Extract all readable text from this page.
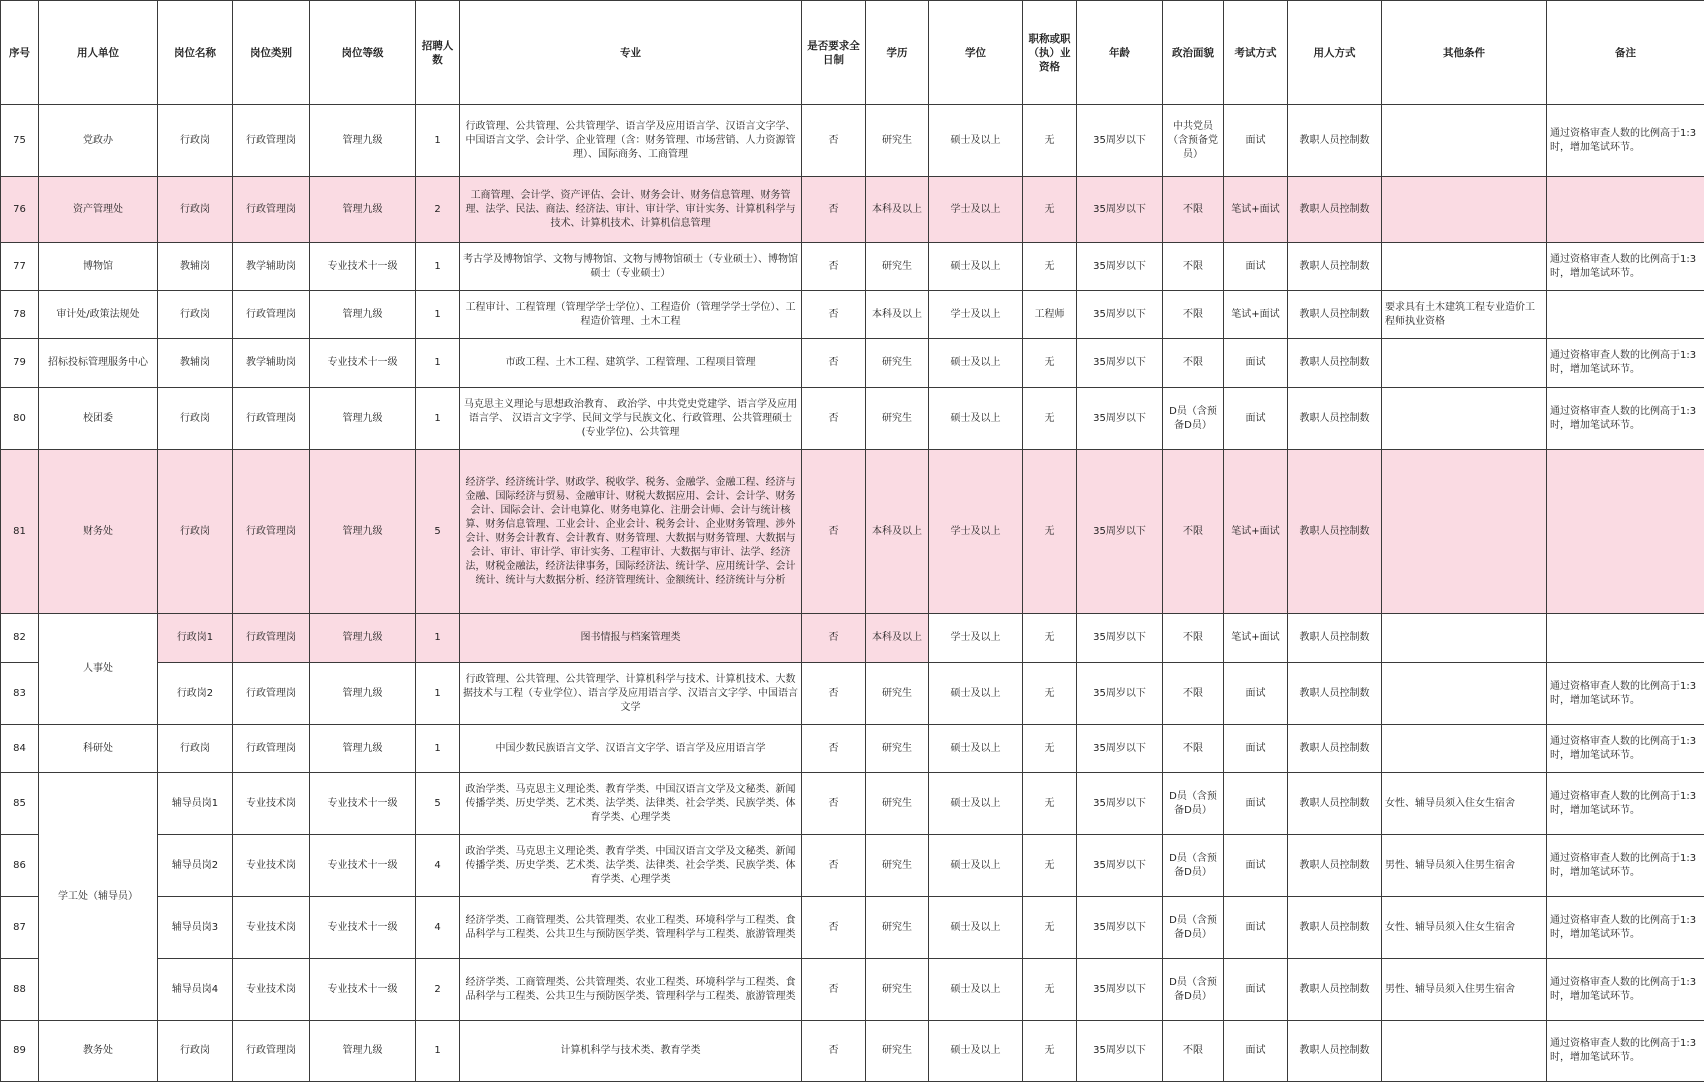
序号	用人单位	岗位名称	岗位类别	岗位等级	招聘人数	专业	是否要求全日制	学历	学位	职称或职（执）业资格	年龄	政治面貌	考试方式	用人方式	其他条件	备注
75	党政办	行政岗	行政管理岗	管理九级	1	行政管理、公共管理、公共管理学、语言学及应用语言学、汉语言文字学、中国语言文学、会计学、企业管理（含：财务管理、市场营销、人力资源管理）、国际商务、工商管理	否	研究生	硕士及以上	无	35周岁以下	中共党员（含预备党员）	面试	教职人员控制数		通过资格审查人数的比例高于1:3时，增加笔试环节。
76	资产管理处	行政岗	行政管理岗	管理九级	2	工商管理、会计学、资产评估、会计、财务会计、财务信息管理、财务管理、法学、民法、商法、经济法、审计、审计学、审计实务、计算机科学与技术、计算机技术、计算机信息管理	否	本科及以上	学士及以上	无	35周岁以下	不限	笔试+面试	教职人员控制数		
77	博物馆	教辅岗	教学辅助岗	专业技术十一级	1	考古学及博物馆学、文物与博物馆、文物与博物馆硕士（专业硕士）、博物馆硕士（专业硕士）	否	研究生	硕士及以上	无	35周岁以下	不限	面试	教职人员控制数		通过资格审查人数的比例高于1:3时，增加笔试环节。
78	审计处/政策法规处	行政岗	行政管理岗	管理九级	1	工程审计、工程管理（管理学学士学位）、工程造价（管理学学士学位）、工程造价管理、土木工程	否	本科及以上	学士及以上	工程师	35周岁以下	不限	笔试+面试	教职人员控制数	要求具有土木建筑工程专业造价工程师执业资格	
79	招标投标管理服务中心	教辅岗	教学辅助岗	专业技术十一级	1	市政工程、土木工程、建筑学、工程管理、工程项目管理	否	研究生	硕士及以上	无	35周岁以下	不限	面试	教职人员控制数		通过资格审查人数的比例高于1:3时，增加笔试环节。
80	校团委	行政岗	行政管理岗	管理九级	1	马克思主义理论与思想政治教育、 政治学、中共党史党建学、语言学及应用语言学、 汉语言文字学、民间文学与民族文化、行政管理、公共管理硕士(专业学位)、公共管理	否	研究生	硕士及以上	无	35周岁以下	D员（含预备D员）	面试	教职人员控制数		通过资格审查人数的比例高于1:3时，增加笔试环节。
81	财务处	行政岗	行政管理岗	管理九级	5	经济学、经济统计学、财政学、税收学、税务、金融学、金融工程、经济与金融、国际经济与贸易、金融审计、财税大数据应用、会计、会计学、财务会计、国际会计、会计电算化、财务电算化、注册会计师、会计与统计核算、财务信息管理、工业会计、企业会计、税务会计、企业财务管理、涉外会计、财务会计教育、会计教育、财务管理、大数据与财务管理、大数据与会计、审计、审计学、审计实务、工程审计、大数据与审计、法学、经济法，财税金融法，经济法律事务，国际经济法、统计学、应用统计学、会计统计、统计与大数据分析、经济管理统计、金额统计、经济统计与分析	否	本科及以上	学士及以上	无	35周岁以下	不限	笔试+面试	教职人员控制数		
82	人事处	行政岗1	行政管理岗	管理九级	1	图书情报与档案管理类	否	本科及以上	学士及以上	无	35周岁以下	不限	笔试+面试	教职人员控制数		
83		行政岗2	行政管理岗	管理九级	1	行政管理、公共管理、公共管理学、计算机科学与技术、计算机技术、大数据技术与工程（专业学位）、语言学及应用语言学、汉语言文字学、中国语言文学	否	研究生	硕士及以上	无	35周岁以下	不限	面试	教职人员控制数		通过资格审查人数的比例高于1:3时，增加笔试环节。
84	科研处	行政岗	行政管理岗	管理九级	1	中国少数民族语言文学、汉语言文字学、语言学及应用语言学	否	研究生	硕士及以上	无	35周岁以下	不限	面试	教职人员控制数		通过资格审查人数的比例高于1:3时，增加笔试环节。
85	学工处（辅导员）	辅导员岗1	专业技术岗	专业技术十一级	5	政治学类、马克思主义理论类、教育学类、中国汉语言文学及文秘类、新闻传播学类、历史学类、艺术类、法学类、法律类、社会学类、民族学类、体育学类、心理学类	否	研究生	硕士及以上	无	35周岁以下	D员（含预备D员）	面试	教职人员控制数	女性、辅导员须入住女生宿舍	通过资格审查人数的比例高于1:3时，增加笔试环节。
86		辅导员岗2	专业技术岗	专业技术十一级	4	政治学类、马克思主义理论类、教育学类、中国汉语言文学及文秘类、新闻传播学类、历史学类、艺术类、法学类、法律类、社会学类、民族学类、体育学类、心理学类	否	研究生	硕士及以上	无	35周岁以下	D员（含预备D员）	面试	教职人员控制数	男性、辅导员须入住男生宿舍	通过资格审查人数的比例高于1:3时，增加笔试环节。
87		辅导员岗3	专业技术岗	专业技术十一级	4	经济学类、工商管理类、公共管理类、农业工程类、环境科学与工程类、食品科学与工程类、公共卫生与预防医学类、管理科学与工程类、旅游管理类	否	研究生	硕士及以上	无	35周岁以下	D员（含预备D员）	面试	教职人员控制数	女性、辅导员须入住女生宿舍	通过资格审查人数的比例高于1:3时，增加笔试环节。
88		辅导员岗4	专业技术岗	专业技术十一级	2	经济学类、工商管理类、公共管理类、农业工程类、环境科学与工程类、食品科学与工程类、公共卫生与预防医学类、管理科学与工程类、旅游管理类	否	研究生	硕士及以上	无	35周岁以下	D员（含预备D员）	面试	教职人员控制数	男性、辅导员须入住男生宿舍	通过资格审查人数的比例高于1:3时，增加笔试环节。
89	教务处	行政岗	行政管理岗	管理九级	1	计算机科学与技术类、教育学类	否	研究生	硕士及以上	无	35周岁以下	不限	面试	教职人员控制数		通过资格审查人数的比例高于1:3时，增加笔试环节。
